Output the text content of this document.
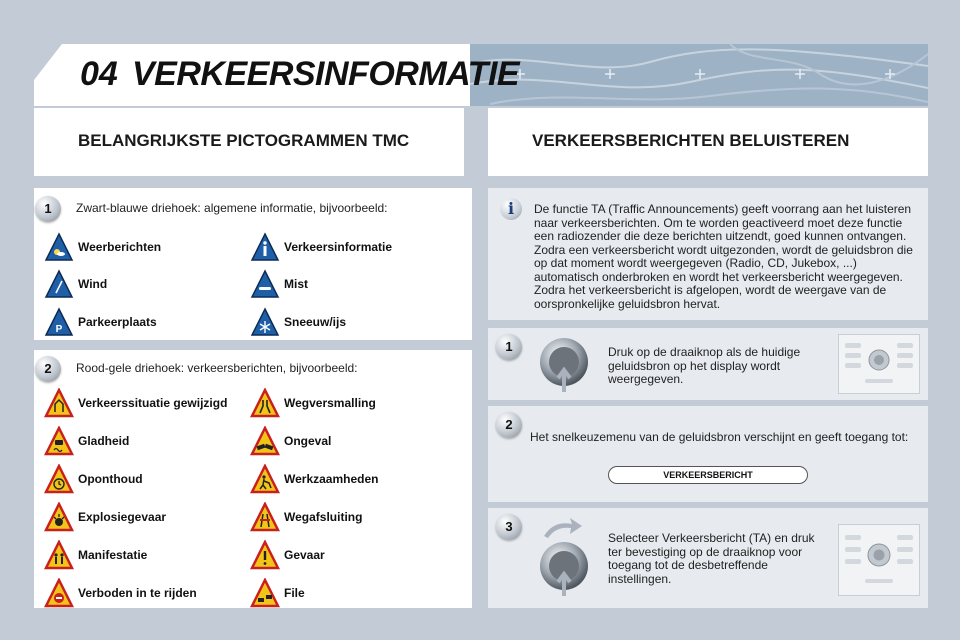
04 VERKEERSINFORMATIE
BELANGRIJKSTE PICTOGRAMMEN TMC	VERKEERSBERICHTEN BELUISTEREN
1	Zwart-blauwe driehoek: algemene informatie, bijvoorbeeld:
2	Rood-gele driehoek: verkeersberichten, bijvoorbeeld:
Weerberichten	Verkeersinformatie
Wind	Mist
P
Parkeerplaats	Sneeuw/ijs
Verkeerssituatie gewijzigd	Wegversmalling
Gladheid	Ongeval
Oponthoud	Werkzaamheden
Explosiegevaar	Wegafsluiting
Manifestatie	Gevaar
Verboden in te rijden	File
i	De functie TA (Traffic Announcements) geeft voorrang aan het luisteren naar verkeersberichten. Om te worden geactiveerd moet deze functie een radiozender die deze berichten uitzendt, goed kunnen ontvangen. Zodra een verkeersbericht wordt uitgezonden, wordt de geluidsbron die op dat moment wordt weergegeven (Radio, CD, Jukebox, ...) automatisch onderbroken en wordt het verkeersbericht weergegeven. Zodra het verkeersbericht is afgelopen, wordt de weergave van de oorspronkelijke geluidsbron hervat.
1	Druk op de draaiknop als de huidige geluidsbron op het display wordt weergegeven.
2
Het snelkeuzemenu van de geluidsbron verschijnt en geeft toegang tot:
VERKEERSBERICHT
3
Selecteer Verkeersbericht (TA) en druk ter bevestiging op de draaiknop voor toegang tot de desbetreffende instellingen.
